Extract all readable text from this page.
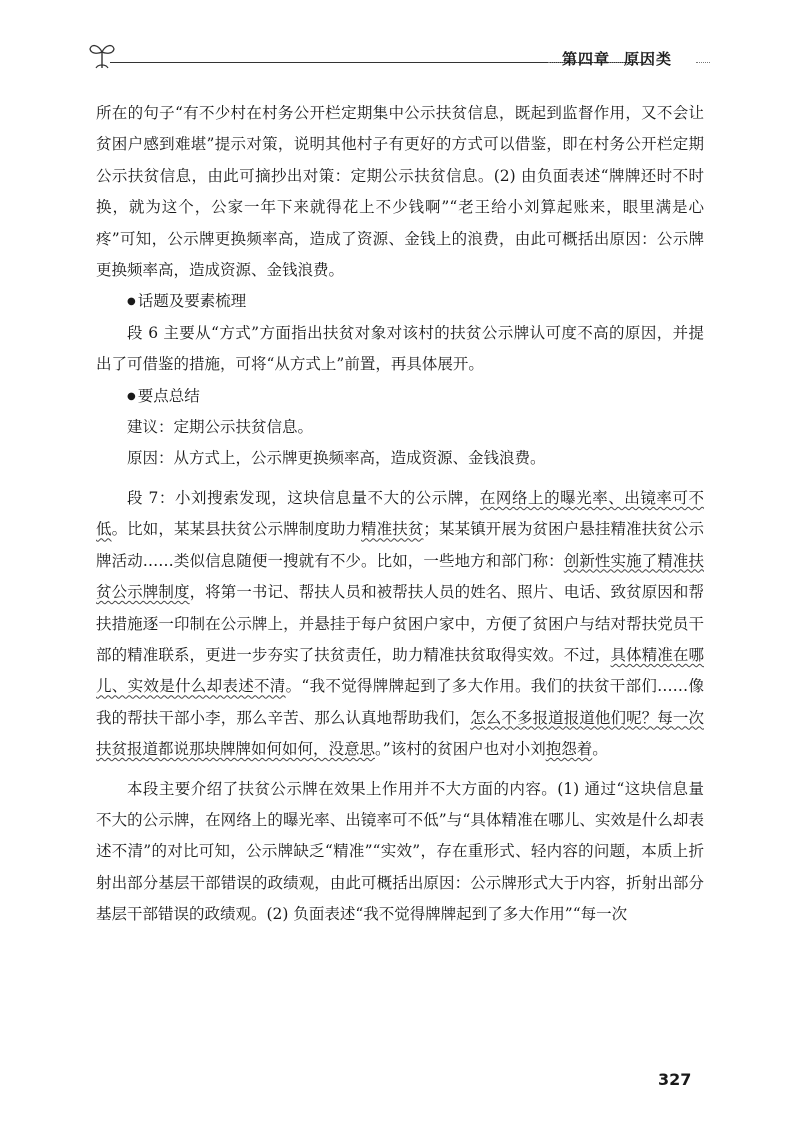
第四章 原因类

所在的句子“有不少村在村务公开栏定期集中公示扶贫信息，既起到监督作用，又不会让贫困户感到难堪”提示对策，说明其他村子有更好的方式可以借鉴，即在村务公开栏定期公示扶贫信息，由此可摘抄出对策：定期公示扶贫信息。(2) 由负面表述“牌牌还时不时换，就为这个，公家一年下来就得花上不少钱啊”“老王给小刘算起账来，眼里满是心疼”可知，公示牌更换频率高，造成了资源、金钱上的浪费，由此可概括出原因：公示牌更换频率高，造成资源、金钱浪费。

● 话题及要素梳理

段 6 主要从“方式”方面指出扶贫对象对该村的扶贫公示牌认可度不高的原因，并提出了可借鉴的措施，可将“从方式上”前置，再具体展开。

● 要点总结

建议：定期公示扶贫信息。

原因：从方式上，公示牌更换频率高，造成资源、金钱浪费。

段 7：小刘搜索发现，这块信息量不大的公示牌，在网络上的曝光率、出镜率可不低。比如，某某县扶贫公示牌制度助力精准扶贫；某某镇开展为贫困户悬挂精准扶贫公示牌活动……类似信息随便一搜就有不少。比如，一些地方和部门称：创新性实施了精准扶贫公示牌制度，将第一书记、帮扶人员和被帮扶人员的姓名、照片、电话、致贫原因和帮扶措施逐一印制在公示牌上，并悬挂于每户贫困户家中，方便了贫困户与结对帮扶党员干部的精准联系，更进一步夯实了扶贫责任，助力精准扶贫取得实效。不过，具体精准在哪儿、实效是什么却表述不清。“我不觉得牌牌起到了多大作用。我们的扶贫干部们……像我的帮扶干部小李，那么辛苦、那么认真地帮助我们，怎么不多报道报道他们呢？每一次扶贫报道都说那块牌牌如何如何，没意思。”该村的贫困户也对小刘抱怨着。

本段主要介绍了扶贫公示牌在效果上作用并不大方面的内容。(1) 通过“这块信息量不大的公示牌，在网络上的曝光率、出镜率可不低”与“具体精准在哪儿、实效是什么却表述不清”的对比可知，公示牌缺乏“精准”“实效”，存在重形式、轻内容的问题，本质上折射出部分基层干部错误的政绩观，由此可概括出原因：公示牌形式大于内容，折射出部分基层干部错误的政绩观。(2) 负面表述“我不觉得牌牌起到了多大作用”“每一次

327
